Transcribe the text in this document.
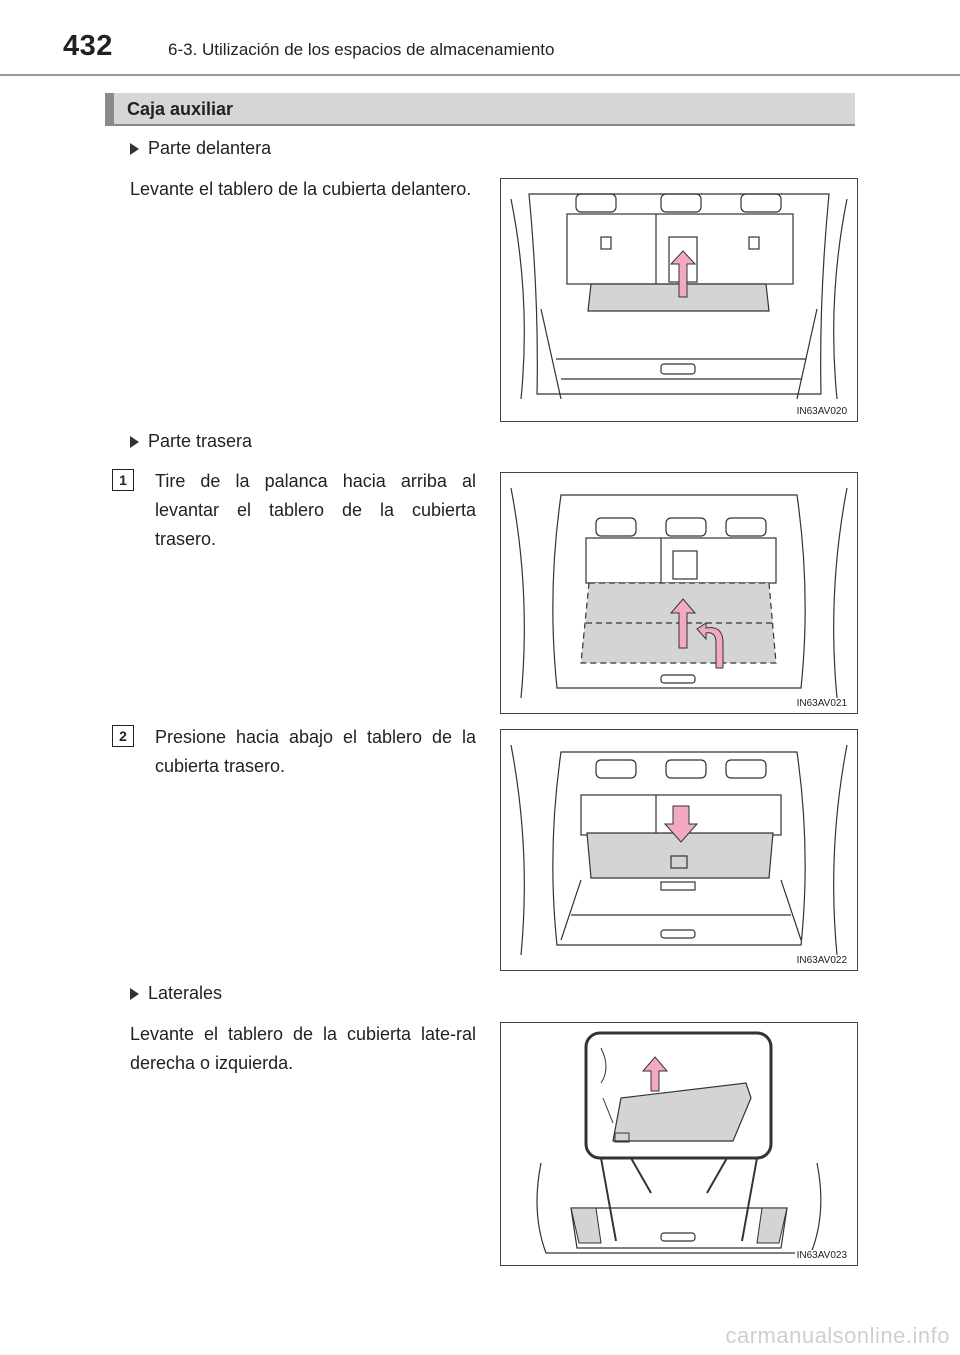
432	6-3. Utilización de los espacios de almacenamiento
Caja auxiliar
Parte delantera
Levante el tablero de la cubierta delantero.
IN63AV020
Parte trasera
1	Tire de la palanca hacia arriba al levantar el tablero de la cubierta trasero.
IN63AV021
2	Presione hacia abajo el tablero de la cubierta trasero.
IN63AV022
Laterales
Levante el tablero de la cubierta late-ral derecha o izquierda.
IN63AV023
carmanualsonline.info
